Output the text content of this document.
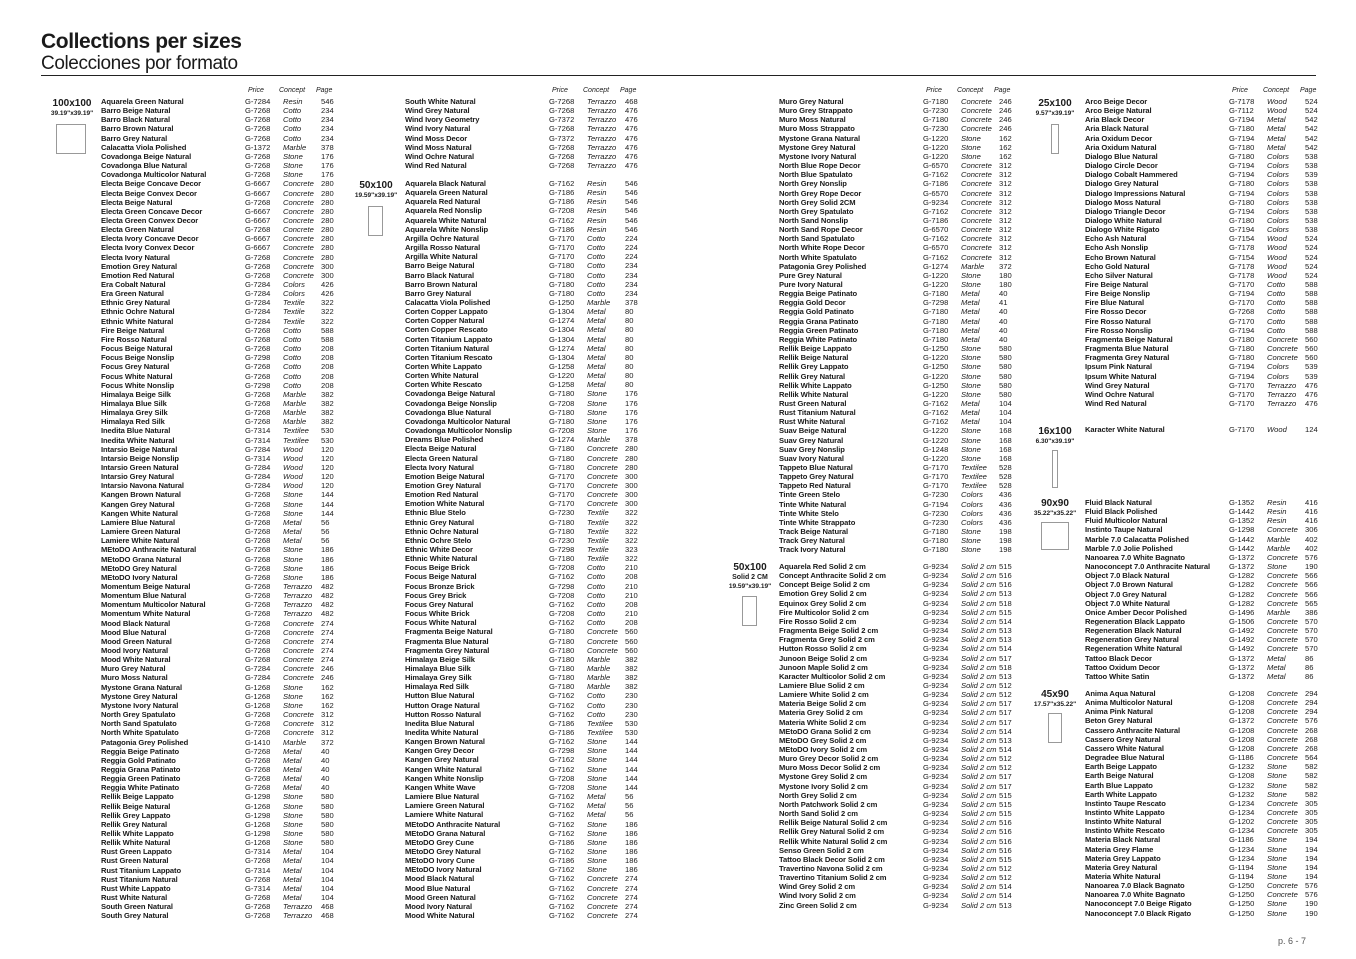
Collections per sizes
Colecciones por formato
100x100
39.19"x39.19"
50x100
19.59"x39.19"
50x100
Solid 2 CM
19.59"x39.19"
25x100
9.57"x39.19"
16x100
6.30"x39.19"
90x90
35.22"x35.22"
45x90
17.57"x35.22"
Price Concept Page	Price Concept Page	Price Concept Page	Price Concept Page
Aquarela Green Natural	G-7284 Resin 546
Barro Beige Natural	G-7268 Cotto	234
Barro Black Natural	G-7268 Cotto	234
Barro Brown Natural	G-7268 Cotto	234
Barro Grey Natural	G-7268 Cotto	234
Calacatta Viola Polished	G-1372 Marble 378
Covadonga Beige Natural	G-7268 Stone 176
Covadonga Blue Natural	G-7268 Stone 176
Covadonga Multicolor Natural	G-7268 Stone 176
Electa Beige Concave Decor	G-6667 Concrete 280
Electa Beige Convex Decor	G-6667 Concrete 280
Electa Beige Natural	G-7268 Concrete 280
Electa Green Concave Decor	G-6667 Concrete 280
Electa Green Convex Decor	G-6667 Concrete 280
Electa Green Natural	G-7268 Concrete 280
Electa Ivory Concave Decor	G-6667 Concrete 280
Electa Ivory Convex Decor	G-6667 Concrete 280
Electa Ivory Natural	G-7268 Concrete 280
Emotion Grey Natural	G-7268 Concrete 300
Emotion Red Natural	G-7268 Concrete 300
Era Cobalt Natural	G-7284 Colors 426
Era Green Natural	G-7284 Colors 426
Ethnic Grey Natural	G-7284 Textile 322
Ethnic Ochre Natural	G-7284 Textile 322
Ethnic White Natural	G-7284 Textile 322
Fire Beige Natural	G-7268 Cotto	588
Fire Rosso Natural	G-7268 Cotto	588
Focus Beige Natural	G-7268 Cotto	208
Focus Beige Nonslip	G-7298 Cotto	208
Focus Grey Natural	G-7268 Cotto	208
Focus White Natural	G-7268 Cotto	208
Focus White Nonslip	G-7298 Cotto	208
Himalaya Beige Silk	G-7268 Marble 382
Himalaya Blue Silk	G-7268 Marble 382
Himalaya Grey Silk	G-7268 Marble 382
Himalaya Red Silk	G-7268 Marble 382
Inedita Blue Natural	G-7314 Textilee 530
Inedita White Natural	G-7314 Textilee 530
Intarsio Beige Natural	G-7284 Wood 120
Intarsio Beige Nonslip	G-7314 Wood 120
Intarsio Green Natural	G-7284 Wood 120
Intarsio Grey Natural	G-7284 Wood 120
Intarsio Navona Natural	G-7284 Wood 120
Kangen Brown Natural	G-7268 Stone 144
Kangen Grey Natural	G-7268 Stone 144
Kangen White Natural	G-7268 Stone 144
Lamiere Blue Natural	G-7268 Metal	56
Lamiere Green Natural	G-7268 Metal	56
Lamiere White Natural	G-7268 Metal	56
MEtoDO Anthracite Natural	G-7268 Stone 186
MEtoDO Grana Natural	G-7268 Stone 186
MEtoDO Grey Natural	G-7268 Stone 186
MEtoDO Ivory Natural	G-7268 Stone 186
Momentum Beige Natural	G-7268 Terrazzo 482
Momentum Blue Natural	G-7268 Terrazzo 482
Momentum Multicolor Natural	G-7268 Terrazzo 482
Momentum White Natural	G-7268 Terrazzo 482
Mood Black Natural	G-7268 Concrete 274
Mood Blue Natural	G-7268 Concrete 274
Mood Green Natural	G-7268 Concrete 274
Mood Ivory Natural	G-7268 Concrete 274
Mood White Natural	G-7268 Concrete 274
Muro Grey Natural	G-7284 Concrete 246
Muro Moss Natural	G-7284 Concrete 246
Mystone Grana Natural	G-1268 Stone 162
Mystone Grey Natural	G-1268 Stone 162
Mystone Ivory Natural	G-1268 Stone 162
North Grey Spatulato	G-7268 Concrete 312
North Sand Spatulato	G-7268 Concrete 312
North White Spatulato	G-7268 Concrete 312
Patagonia Grey Polished	G-1410 Marble 372
Reggia Beige Patinato	G-7268 Metal	40
Reggia Gold Patinato	G-7268 Metal	40
Reggia Grana Patinato	G-7268 Metal	40
Reggia Green Patinato	G-7268 Metal	40
Reggia White Patinato	G-7268 Metal	40
Rellik Beige Lappato	G-1298 Stone 580
Rellik Beige Natural	G-1268 Stone 580
Rellik Grey Lappato	G-1298 Stone 580
Rellik Grey Natural	G-1268 Stone 580
Rellik White Lappato	G-1298 Stone 580
Rellik White Natural	G-1268 Stone 580
Rust Green Lappato	G-7314 Metal	104
Rust Green Natural	G-7268 Metal	104
Rust Titanium Lappato	G-7314 Metal	104
Rust Titanium Natural	G-7268 Metal	104
Rust White Lappato	G-7314 Metal	104
Rust White Natural	G-7268 Metal	104
South Green Natural	G-7268 Terrazzo 468
South Grey Natural	G-7268 Terrazzo 468
South White Natural	G-7268 Terrazzo 468
Wind Grey Natural	G-7268 Terrazzo 476
Wind Ivory Geometry	G-7372 Terrazzo 476
Wind Ivory Natural	G-7268 Terrazzo 476
Wind Moss Decor	G-7372 Terrazzo 476
Wind Moss Natural	G-7268 Terrazzo 476
Wind Ochre Natural	G-7268 Terrazzo 476
Wind Red Natural	G-7268 Terrazzo 476
Aquarela Black Natural	G-7162 Resin 546
Aquarela Green Natural	G-7186 Resin 546
Aquarela Red Natural	G-7186 Resin 546
Aquarela Red Nonslip	G-7208 Resin 546
Aquarela White Natural	G-7162 Resin 546
Aquarela White Nonslip	G-7186 Resin 546
Argilla Ochre Natural	G-7170 Cotto	224
Argilla Rosso Natural	G-7170 Cotto	224
Argilla White Natural	G-7170 Cotto	224
Barro Beige Natural	G-7180 Cotto	234
Barro Black Natural	G-7180 Cotto	234
Barro Brown Natural	G-7180 Cotto	234
Barro Grey Natural	G-7180 Cotto	234
Calacatta Viola Polished	G-1250 Marble 378
Corten Copper Lappato	G-1304 Metal	80
Corten Copper Natural	G-1274 Metal	80
Corten Copper Rescato	G-1304 Metal	80
Corten Titanium Lappato	G-1304 Metal	80
Corten Titanium Natural	G-1274 Metal	80
Corten Titanium Rescato	G-1304 Metal	80
Corten White Lappato	G-1258 Metal	80
Corten White Natural	G-1220 Metal	80
Corten White Rescato	G-1258 Metal	80
Covadonga Beige Natural	G-7180 Stone 176
Covadonga Beige Nonslip	G-7208 Stone 176
Covadonga Blue Natural	G-7180 Stone 176
Covadonga Multicolor Natural	G-7180 Stone 176
Covadonga Multicolor Nonslip	G-7208 Stone 176
Dreams Blue Polished	G-1274 Marble 378
Electa Beige Natural	G-7180 Concrete 280
Electa Green Natural	G-7180 Concrete 280
Electa Ivory Natural	G-7180 Concrete 280
Emotion Beige Natural	G-7170 Concrete 300
Emotion Grey Natural	G-7170 Concrete 300
Emotion Red Natural	G-7170 Concrete 300
Emotion White Natural	G-7170 Concrete 300
Ethnic Blue Stelo	G-7230 Textile 322
Ethnic Grey Natural	G-7180 Textile 322
Ethnic Ochre Natural	G-7180 Textile 322
Ethnic Ochre Stelo	G-7230 Textile 322
Ethnic White Decor	G-7298 Textile 323
Ethnic White Natural	G-7180 Textile 322
Focus Beige Brick	G-7208 Cotto	210
Focus Beige Natural	G-7162 Cotto	208
Focus Bronze Brick	G-7298 Cotto	210
Focus Grey Brick	G-7208 Cotto	210
Focus Grey Natural	G-7162 Cotto	208
Focus White Brick	G-7208 Cotto	210
Focus White Natural	G-7162 Cotto	208
Fragmenta Beige Natural	G-7180 Concrete 560
Fragmenta Blue Natural	G-7180 Concrete 560
Fragmenta Grey Natural	G-7180 Concrete 560
Himalaya Beige Silk	G-7180 Marble 382
Himalaya Blue Silk	G-7180 Marble 382
Himalaya Grey Silk	G-7180 Marble 382
Himalaya Red Silk	G-7180 Marble 382
Hutton Blue Natural	G-7162 Cotto	230
Hutton Orage Natural	G-7162 Cotto	230
Hutton Rosso Natural	G-7162 Cotto	230
Inedita Blue Natural	G-7186 Textilee 530
Inedita White Natural	G-7186 Textilee 530
Kangen Brown Natural	G-7162 Stone 144
Kangen Grey Decor	G-7298 Stone 144
Kangen Grey Natural	G-7162 Stone 144
Kangen White Natural	G-7162 Stone 144
Kangen White Nonslip	G-7208 Stone 144
Kangen White Wave	G-7208 Stone 144
Lamiere Blue Natural	G-7162 Metal	56
Lamiere Green Natural	G-7162 Metal	56
Lamiere White Natural	G-7162 Metal	56
MEtoDO Anthracite Natural	G-7162 Stone 186
MEtoDO Grana Natural	G-7162 Stone 186
MEtoDO Grey Cune	G-7186 Stone 186
MEtoDO Grey Natural	G-7162 Stone 186
MEtoDO Ivory Cune	G-7186 Stone 186
MEtoDO Ivory Natural	G-7162 Stone 186
Mood Black Natural	G-7162 Concrete 274
Mood Blue Natural	G-7162 Concrete 274
Mood Green Natural	G-7162 Concrete 274
Mood Ivory Natural	G-7162 Concrete 274
Mood White Natural	G-7162 Concrete 274
Muro Grey Natural	G-7180 Concrete 246
Muro Grey Strappato	G-7230 Concrete 246
Muro Moss Natural	G-7180 Concrete 246
Muro Moss Strappato	G-7230 Concrete 246
Mystone Grana Natural	G-1220 Stone 162
Mystone Grey Natural	G-1220 Stone 162
Mystone Ivory Natural	G-1220 Stone 162
North Blue Rope Decor	G-6570 Concrete 312
North Blue Spatulato	G-7162 Concrete 312
North Grey Nonslip	G-7186 Concrete 312
North Grey Rope Decor	G-6570 Concrete 312
North Grey Solid 2CM	G-9234 Concrete 312
North Grey Spatulato	G-7162 Concrete 312
North Sand Nonslip	G-7186 Concrete 312
North Sand Rope Decor	G-6570 Concrete 312
North Sand Spatulato	G-7162 Concrete 312
North White Rope Decor	G-6570 Concrete 312
North White Spatulato	G-7162 Concrete 312
Patagonia Grey Polished	G-1274 Marble 372
Pure Grey Natural	G-1220 Stone 180
Pure Ivory Natural	G-1220 Stone 180
Reggia Beige Patinato	G-7180 Metal	40
Reggia Gold Decor	G-7298 Metal	41
Reggia Gold Patinato	G-7180 Metal	40
Reggia Grana Patinato	G-7180 Metal	40
Reggia Green Patinato	G-7180 Metal	40
Reggia White Patinato	G-7180 Metal	40
Rellik Beige Lappato	G-1250 Stone 580
Rellik Beige Natural	G-1220 Stone 580
Rellik Grey Lappato	G-1250 Stone 580
Rellik Grey Natural	G-1220 Stone 580
Rellik White Lappato	G-1250 Stone 580
Rellik White Natural	G-1220 Stone 580
Rust Green Natural	G-7162 Metal	104
Rust Titanium Natural	G-7162 Metal	104
Rust White Natural	G-7162 Metal	104
Suav Beige Natural	G-1220 Stone 168
Suav Grey Natural	G-1220 Stone 168
Suav Grey Nonslip	G-1248 Stone 168
Suav Ivory Natural	G-1220 Stone 168
Tappeto Blue Natural	G-7170 Textilee 528
Tappeto Grey Natural	G-7170 Textilee 528
Tappeto Red Natural	G-7170 Textilee 528
Tinte Green Stelo	G-7230 Colors 436
Tinte White Natural	G-7194 Colors 436
Tinte White Stelo	G-7230 Colors 436
Tinte White Strappato	G-7230 Colors 436
Track Beige Natural	G-7180 Stone 198
Track Grey Natural	G-7180 Stone 198
Track Ivory Natural	G-7180 Stone 198
Aquarela Red Solid 2 cm	G-9234 Solid 2 cm 515
Concept Anthracite Solid 2 cm	G-9234 Solid 2 cm 516
Concept Beige Solid 2 cm	G-9234 Solid 2 cm 516
Emotion Grey Solid 2 cm	G-9234 Solid 2 cm 513
Equinox Grey Solid 2 cm	G-9234 Solid 2 cm 518
Fire Multicolor Solid 2 cm	G-9234 Solid 2 cm 515
Fire Rosso Solid 2 cm	G-9234 Solid 2 cm 514
Fragmenta Beige Solid 2 cm	G-9234 Solid 2 cm 513
Fragmenta Grey Solid 2 cm	G-9234 Solid 2 cm 513
Hutton Rosso Solid 2 cm	G-9234 Solid 2 cm 514
Junoon Beige Solid 2 cm	G-9234 Solid 2 cm 517
Junoon Maple Solid 2 cm	G-9234 Solid 2 cm 518
Karacter Multicolor Solid 2 cm	G-9234 Solid 2 cm 513
Lamiere Blue Solid 2 cm	G-9234 Solid 2 cm 512
Lamiere White Solid 2 cm	G-9234 Solid 2 cm 512
Materia Beige Solid 2 cm	G-9234 Solid 2 cm 517
Materia Grey Solid 2 cm	G-9234 Solid 2 cm 517
Materia White Solid 2 cm	G-9234 Solid 2 cm 517
MEtoDO Grana Solid 2 cm	G-9234 Solid 2 cm 514
MEtoDO Grey Solid 2 cm	G-9234 Solid 2 cm 513
MEtoDO Ivory Solid 2 cm	G-9234 Solid 2 cm 514
Muro Grey Decor Solid 2 cm	G-9234 Solid 2 cm 512
Muro Moss Decor Solid 2 cm	G-9234 Solid 2 cm 512
Mystone Grey Solid 2 cm	G-9234 Solid 2 cm 517
Mystone Ivory Solid 2 cm	G-9234 Solid 2 cm 517
North Grey Solid 2 cm	G-9234 Solid 2 cm 515
North Patchwork Solid 2 cm	G-9234 Solid 2 cm 515
North Sand Solid 2 cm	G-9234 Solid 2 cm 515
Rellik Beige Natural Solid 2 cm	G-9234 Solid 2 cm 516
Rellik Grey Natural Solid 2 cm	G-9234 Solid 2 cm 516
Rellik White Natural Solid 2 cm	G-9234 Solid 2 cm 516
Senso Green Solid 2 cm	G-9234 Solid 2 cm 516
Tattoo Black Decor Solid 2 cm	G-9234 Solid 2 cm 515
Travertino Navona Solid 2 cm	G-9234 Solid 2 cm 512
Travertino Titanium Solid 2 cm	G-9234 Solid 2 cm 512
Wind Grey Solid 2 cm	G-9234 Solid 2 cm 514
Wind Ivory Solid 2 cm	G-9234 Solid 2 cm 514
Zinc Green Solid 2 cm	G-9234 Solid 2 cm 513
Arco Beige Decor	G-7178 Wood 524
Arco Beige Natural	G-7112 Wood 524
Aria Black Decor	G-7194 Metal	542
Aria Black Natural	G-7180 Metal	542
Aria Oxidum Decor	G-7194 Metal	542
Aria Oxidum Natural	G-7180 Metal	542
Dialogo Blue Natural	G-7180 Colors 538
Dialogo Circle Decor	G-7194 Colors 538
Dialogo Cobalt Hammered	G-7194 Colors 539
Dialogo Grey Natural	G-7180 Colors 538
Dialogo Impressions Natural	G-7194 Colors 538
Dialogo Moss Natural	G-7180 Colors 538
Dialogo Triangle Decor	G-7194 Colors 538
Dialogo White Natural	G-7180 Colors 538
Dialogo White Rigato	G-7194 Colors 538
Echo Ash Natural	G-7154 Wood 524
Echo Ash Nonslip	G-7178 Wood 524
Echo Brown Natural	G-7154 Wood 524
Echo Gold Natural	G-7178 Wood 524
Echo Silver Natural	G-7178 Wood 524
Fire Beige Natural	G-7170 Cotto	588
Fire Beige Nonslip	G-7194 Cotto	588
Fire Blue Natural	G-7170 Cotto	588
Fire Rosso Decor	G-7268 Cotto	588
Fire Rosso Natural	G-7170 Cotto	588
Fire Rosso Nonslip	G-7194 Cotto	588
Fragmenta Beige Natural	G-7180 Concrete 560
Fragmenta Blue Natural	G-7180 Concrete 560
Fragmenta Grey Natural	G-7180 Concrete 560
Ipsum Pink Natural	G-7194 Colors 539
Ipsum White Natural	G-7194 Colors 539
Wind Grey Natural	G-7170 Terrazzo 476
Wind Ochre Natural	G-7170 Terrazzo 476
Wind Red Natural	G-7170 Terrazzo 476
Karacter White Natural	G-7170 Wood 124
Fluid Black Natural	G-1352 Resin 416
Fluid Black Polished	G-1442 Resin 416
Fluid Multicolor Natural	G-1352 Resin 416
Instinto Taupe Natural	G-1298 Concrete 306
Marble 7.0 Calacatta Polished	G-1442 Marble 402
Marble 7.0 Jolie Polished	G-1442 Marble 402
Nanoarea 7.0 White Bagnato	G-1372 Concrete 576
Nanoconcept 7.0 Anthracite Natural G-1372 Stone 190
Object 7.0 Black Natural	G-1282 Concrete 566
Object 7.0 Brown Natural	G-1282 Concrete 566
Object 7.0 Grey Natural	G-1282 Concrete 566
Object 7.0 White Natural	G-1282 Concrete 565
Onice Amber Decor Polished	G-1496 Marble 386
Regeneration Black Lappato	G-1506 Concrete 570
Regeneration Black Natural	G-1492 Concrete 570
Regeneration Grey Natural	G-1492 Concrete 570
Regeneration White Natural	G-1492 Concrete 570
Tattoo Black Decor	G-1372 Metal	86
Tattoo Oxidum Decor	G-1372 Metal	86
Tattoo White Satin	G-1372 Metal	86
Anima Aqua Natural	G-1208 Concrete 294
Anima Multicolor Natural	G-1208 Concrete 294
Anima Pink Natural	G-1208 Concrete 294
Beton Grey Natural	G-1372 Concrete 576
Cassero Anthracite Natural	G-1208 Concrete 268
Cassero Grey Natural	G-1208 Concrete 268
Cassero White Natural	G-1208 Concrete 268
Degradee Blue Natural	G-1186 Concrete 564
Earth Beige Lappato	G-1232 Stone 582
Earth Beige Natural	G-1208 Stone 582
Earth Blue Lappato	G-1232 Stone 582
Earth White Lappato	G-1232 Stone 582
Instinto Taupe Rescato	G-1234 Concrete 305
Instinto White Lappato	G-1234 Concrete 305
Instinto White Natural	G-1202 Concrete 305
Instinto White Rescato	G-1234 Concrete 305
Materia Black Natural	G-1186 Stone 194
Materia Grey Flame	G-1234 Stone 194
Materia Grey Lappato	G-1234 Stone 194
Materia Grey Natural	G-1194 Stone 194
Materia White Natural	G-1194 Stone 194
Nanoarea 7.0 Black Bagnato	G-1250 Concrete 576
Nanoarea 7.0 White Bagnato	G-1250 Concrete 576
Nanoconcept 7.0 Beige Rigato	G-1250 Stone 190
Nanoconcept 7.0 Black Rigato	G-1250 Stone 190
p. 6 - 7
